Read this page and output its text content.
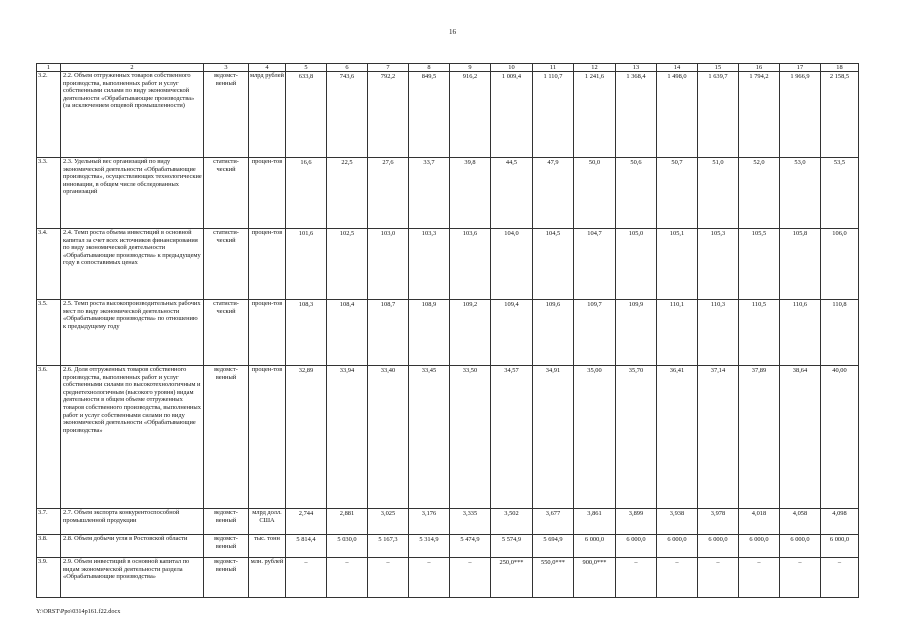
16
1	2	3	4	5	6	7	8	9	10	11	12	13	14	15	16	17	18
3.2.	2.2. Объем отгруженных товаров собственного производства, выполненных работ и услуг собственными силами по виду экономической деятельности «Обрабатывающие производства» (за исключением опцевой промышленности)	ведомст-венный	млрд рублей	633,8	743,6	792,2	849,5	916,2	1 009,4	1 110,7	1 241,6	1 368,4	1 498,0	1 639,7	1 794,2	1 966,9	2 158,5
3.3.	2.3. Удельный вес организаций по виду экономической деятельности «Обрабатывающие производства», осуществляющих технологические инновации, в общем числе обследованных организаций	статисти-ческий	процен-тов	16,6	22,5	27,6	33,7	39,8	44,5	47,9	50,0	50,6	50,7	51,0	52,0	53,0	53,5
3.4.	2.4. Темп роста объема инвестиций в основной капитал за счет всех источников финансирования по виду экономической деятельности «Обрабатывающие производства» к предыдущему году в сопоставимых ценах	статисти-ческий	процен-тов	101,6	102,5	103,0	103,3	103,6	104,0	104,5	104,7	105,0	105,1	105,3	105,5	105,8	106,0
3.5.	2.5. Темп роста высокопроизводительных рабочих мест по виду экономической деятельности «Обрабатывающие производства» по отношению к предыдущему году	статисти-ческий	процен-тов	108,3	108,4	108,7	108,9	109,2	109,4	109,6	109,7	109,9	110,1	110,3	110,5	110,6	110,8
3.6.	2.6. Доля отгруженных товаров собственного производства, выполненных работ и услуг собственными силами по высокотехнологичным и среднетехнологичным (высокого уровня) видам деятельности в общем объеме отгруженных товаров собственного производства, выполненных работ и услуг собственными силами по виду экономической деятельности «Обрабатывающие производства»	ведомст-венный	процен-тов	32,89	33,94	33,40	33,45	33,50	34,57	34,91	35,00	35,70	36,41	37,14	37,89	38,64	40,00
3.7.	2.7. Объем экспорта конкурентоспособной промышленной продукции	ведомст-венный	млрд долл. США	2,744	2,881	3,025	3,176	3,335	3,502	3,677	3,861	3,899	3,938	3,978	4,018	4,058	4,098
3.8.	2.8. Объем добычи угля в Ростовской области	ведомст-венный	тыс. тонн	5 814,4	5 030,0	5 167,3	5 314,9	5 474,9	5 574,9	5 694,9	6 000,0	6 000,0	6 000,0	6 000,0	6 000,0	6 000,0	6 000,0
3.9.	2.9. Объем инвестиций в основной капитал по видам экономической деятельности раздела «Обрабатывающие производства»	ведомст-венный	млн. рублей	–	–	–	–	–	250,0***	550,0***	900,0***	–	–	–	–	–	–
Y:\ORST\Ppo\0314p161.f22.docx
